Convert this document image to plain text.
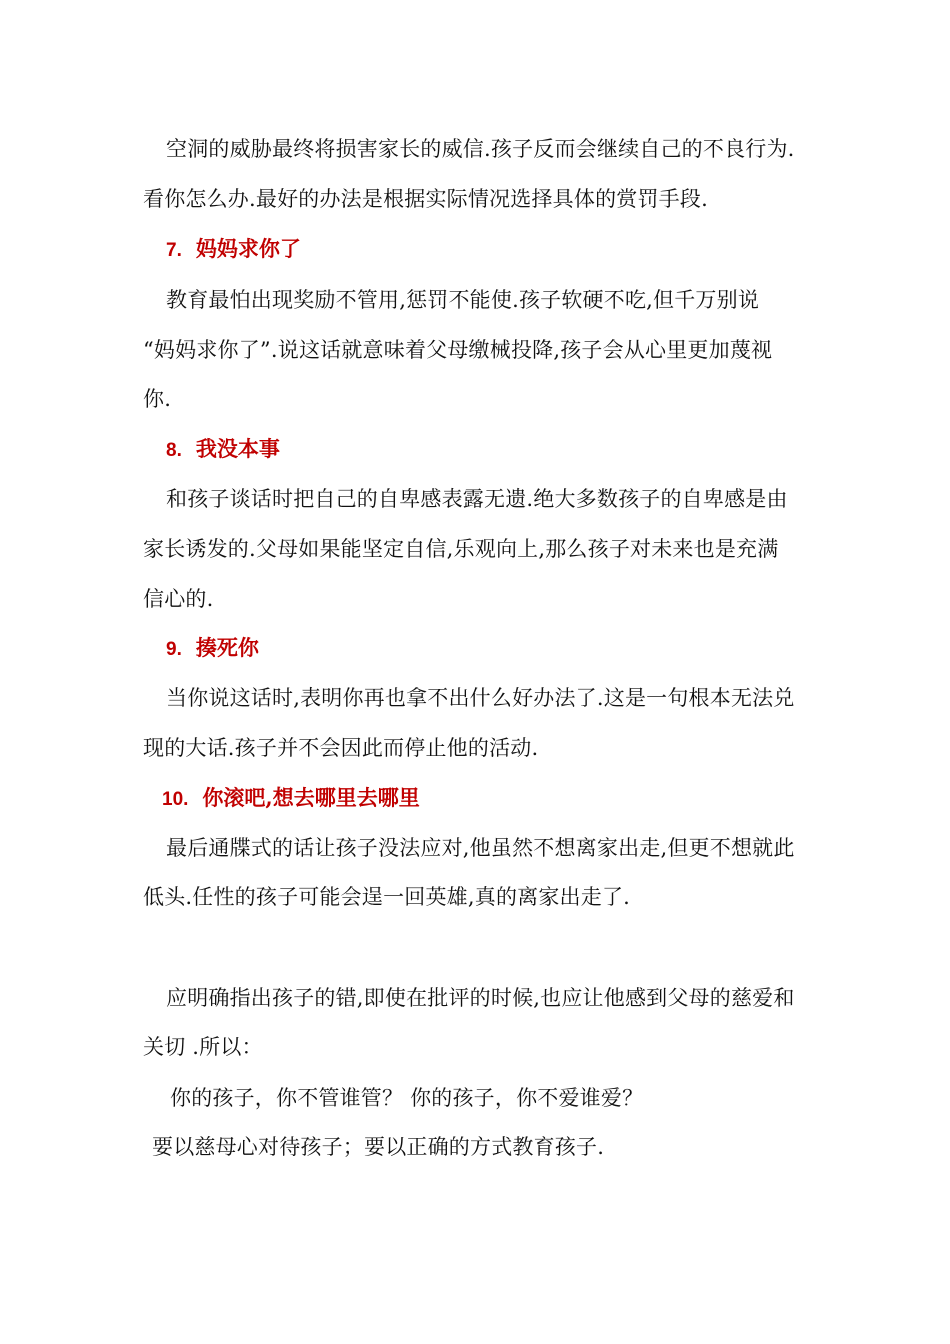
空洞的威胁最终将损害家长的威信.孩子反而会继续自己的不良行为.
看你怎么办.最好的办法是根据实际情况选择具体的赏罚手段.
7. 妈妈求你了
教育最怕出现奖励不管用,惩罚不能使.孩子软硬不吃,但千万别说
“妈妈求你了”.说这话就意味着父母缴械投降,孩子会从心里更加蔑视
你.
8. 我没本事
和孩子谈话时把自己的自卑感表露无遗.绝大多数孩子的自卑感是由
家长诱发的.父母如果能坚定自信,乐观向上,那么孩子对未来也是充满
信心的.
9. 揍死你
当你说这话时,表明你再也拿不出什么好办法了.这是一句根本无法兑
现的大话.孩子并不会因此而停止他的活动.
10. 你滚吧,想去哪里去哪里
最后通牒式的话让孩子没法应对,他虽然不想离家出走,但更不想就此
低头.任性的孩子可能会逞一回英雄,真的离家出走了.
应明确指出孩子的错,即使在批评的时候,也应让他感到父母的慈爱和
关切 .所以：
你的孩子，你不管谁管？ 你的孩子，你不爱谁爱？
要以慈母心对待孩子；要以正确的方式教育孩子.
